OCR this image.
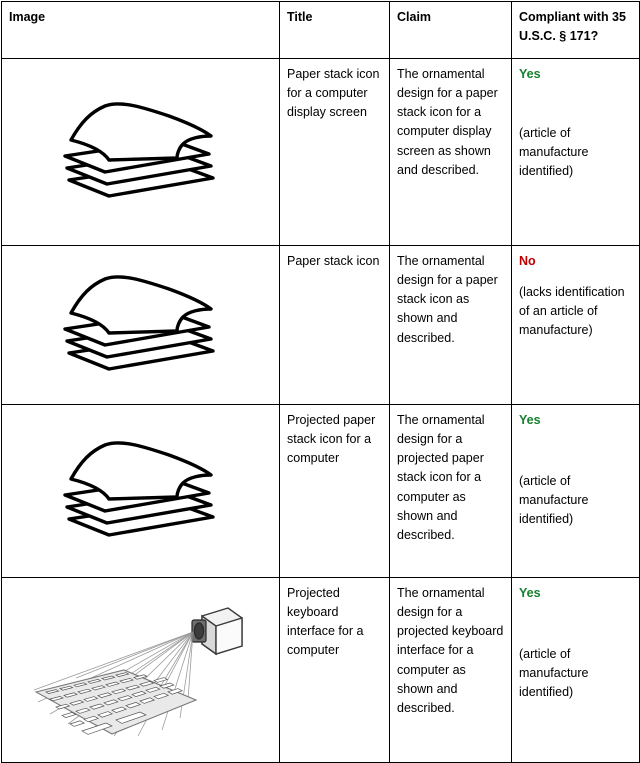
Image	Title	Claim	Compliant with 35 U.S.C. § 171?

	Paper stack icon for a computer display screen	The ornamental design for a paper stack icon for a computer display screen as shown and described.	Yes
(article of manufacture identified)

	Paper stack icon	The ornamental design for a paper stack icon as shown and described.	No
(lacks identification of an article of manufacture)

	Projected paper stack icon for a computer	The ornamental design for a projected paper stack icon for a computer as shown and described.	Yes
(article of manufacture identified)

	Projected keyboard interface for a computer	The ornamental design for a projected keyboard interface for a computer as shown and described.	Yes
(article of manufacture identified)
